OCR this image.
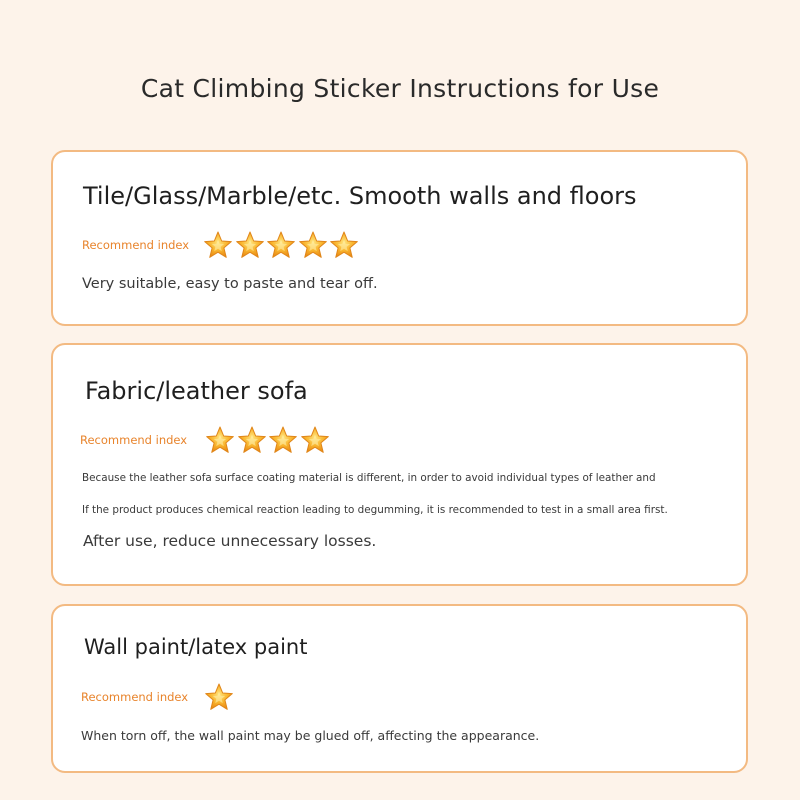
Cat Climbing Sticker Instructions for Use
Tile/Glass/Marble/etc. Smooth walls and floors
Recommend index
Very suitable, easy to paste and tear off.
Fabric/leather sofa
Recommend index
Because the leather sofa surface coating material is different, in order to avoid individual types of leather and
If the product produces chemical reaction leading to degumming, it is recommended to test in a small area first.
After use, reduce unnecessary losses.
Wall paint/latex paint
Recommend index
When torn off, the wall paint may be glued off, affecting the appearance.
